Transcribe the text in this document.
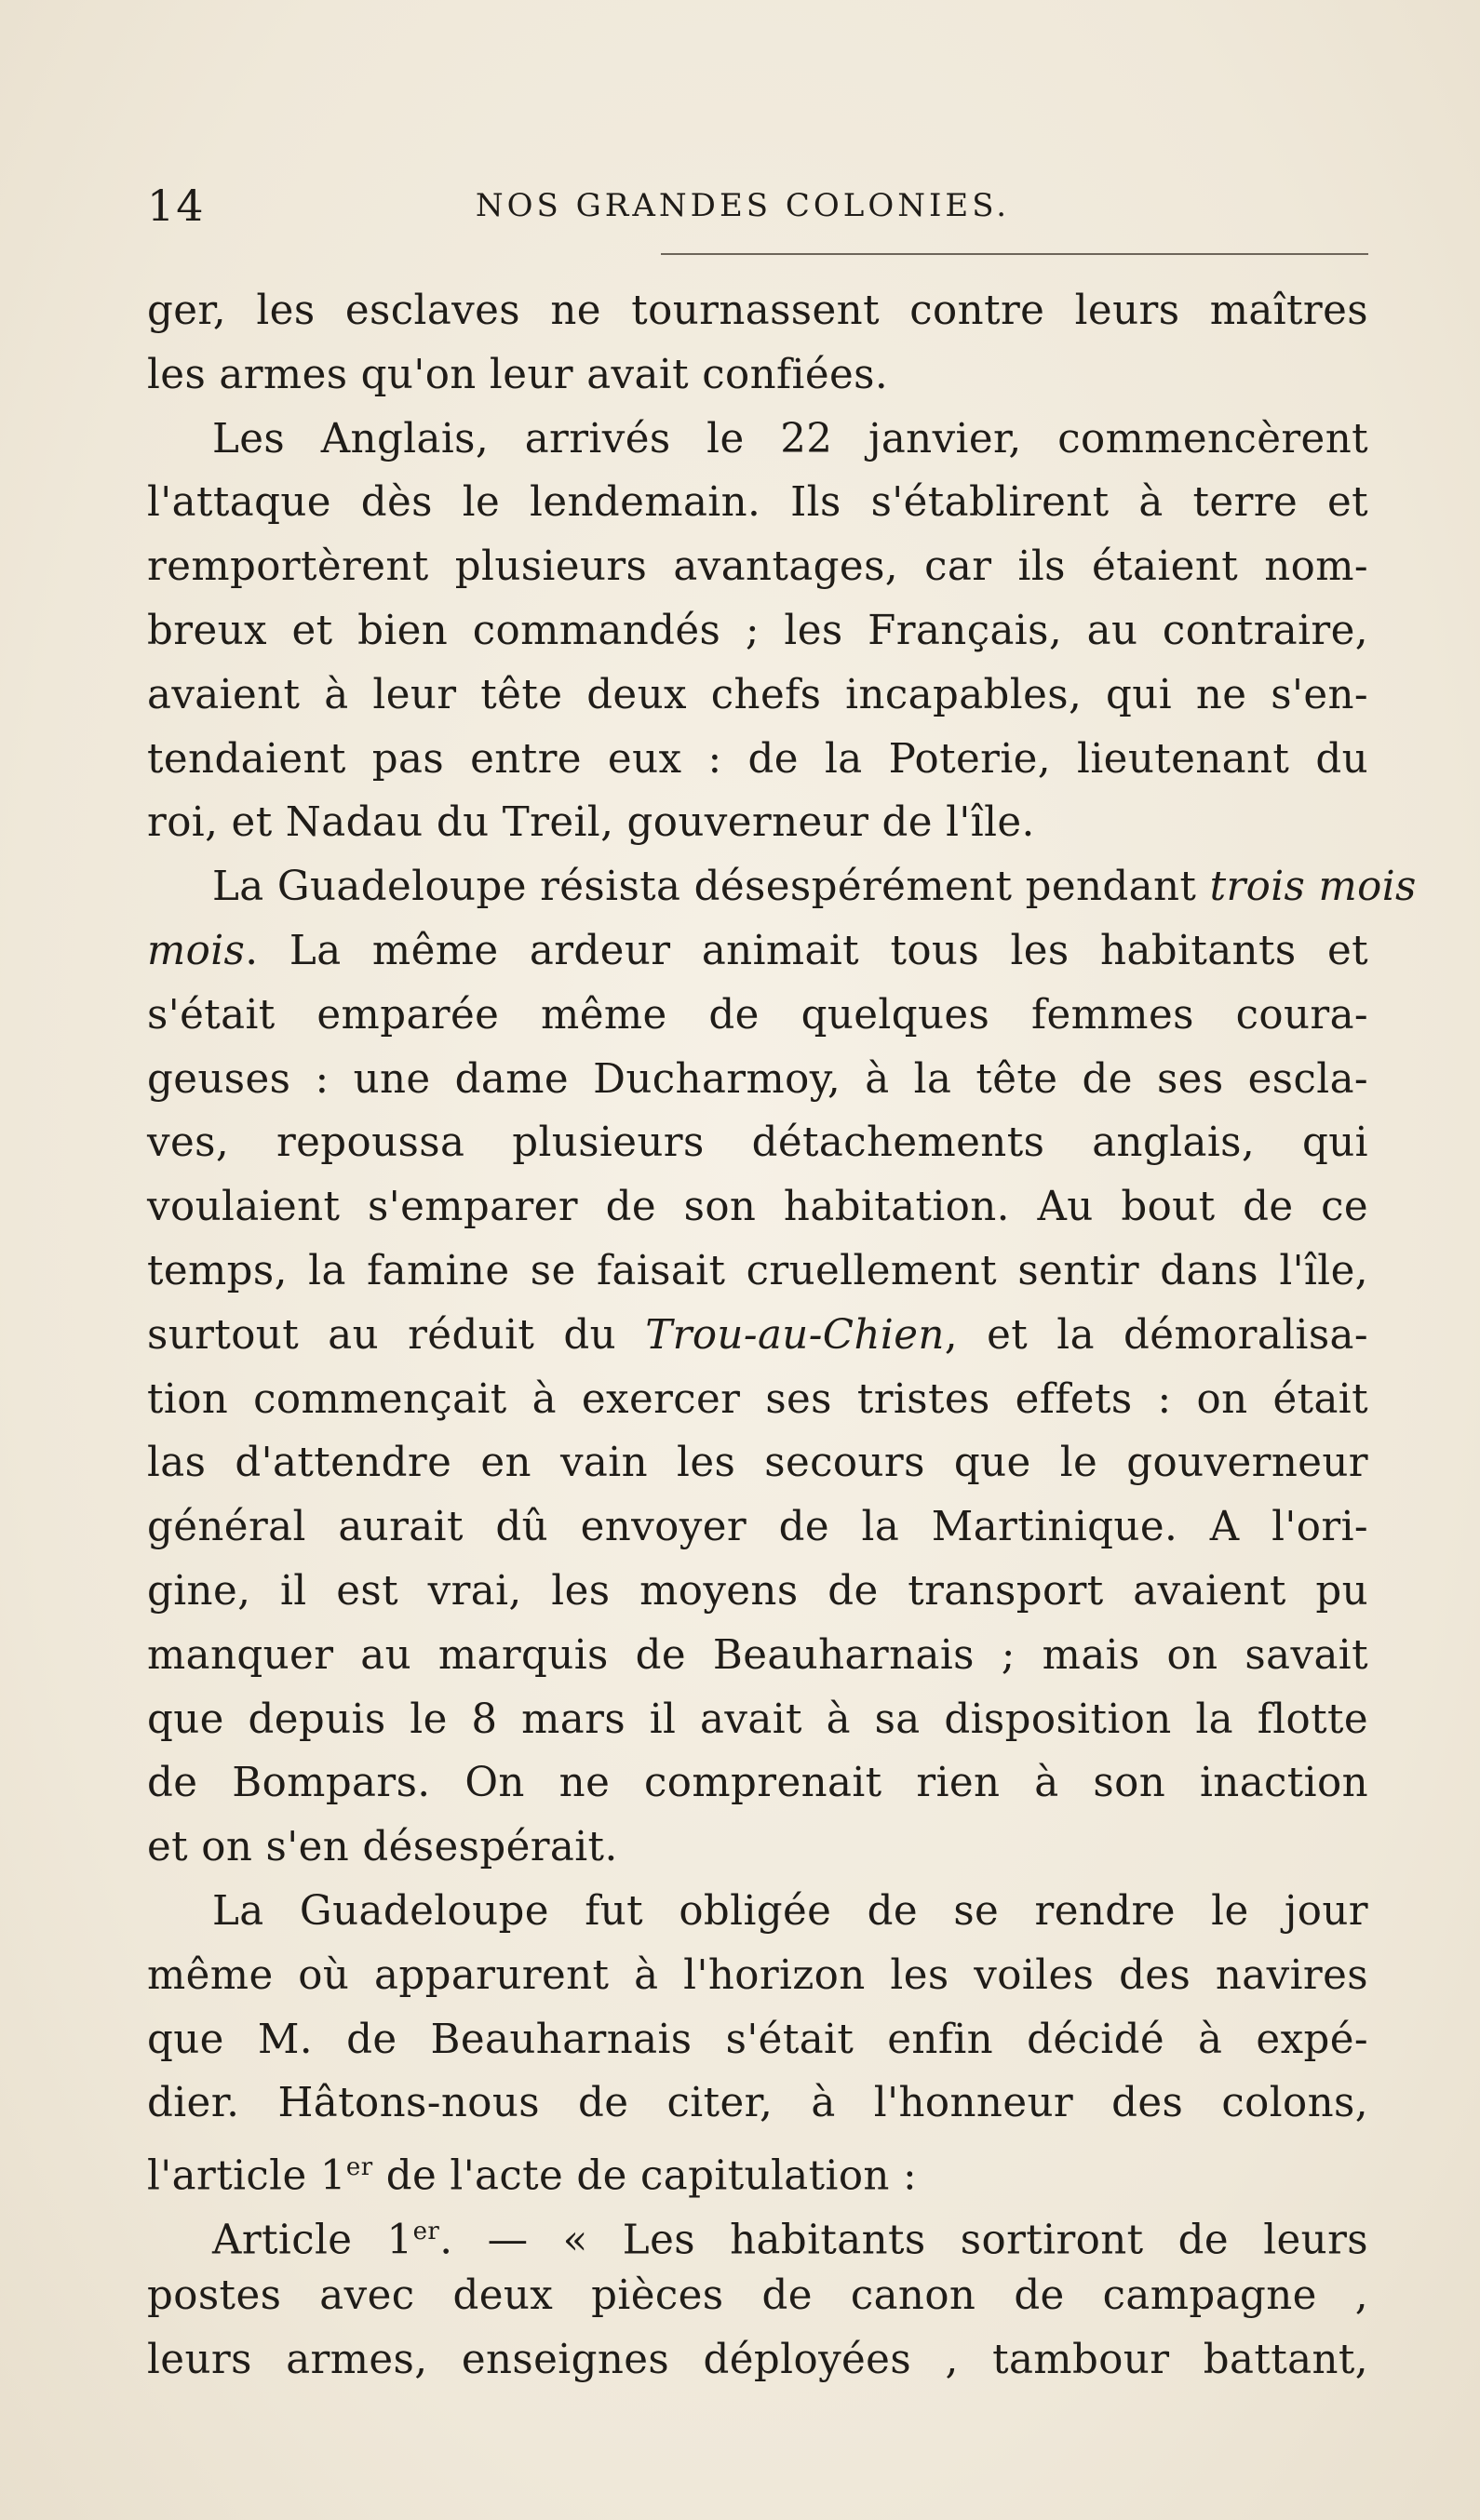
14	NOS GRANDES COLONIES.
ger, les esclaves ne tournassent contre leurs maîtres
les armes qu'on leur avait confiées.
Les Anglais, arrivés le 22 janvier, commencèrent
l'attaque dès le lendemain. Ils s'établirent à terre et
remportèrent plusieurs avantages, car ils étaient nom-
breux et bien commandés ; les Français, au contraire,
avaient à leur tête deux chefs incapables, qui ne s'en-
tendaient pas entre eux : de la Poterie, lieutenant du
roi, et Nadau du Treil, gouverneur de l'île.
La Guadeloupe résista désespérément pendant trois mois
mois. La même ardeur animait tous les habitants et
s'était emparée même de quelques femmes coura-
geuses : une dame Ducharmoy, à la tête de ses escla-
ves, repoussa plusieurs détachements anglais, qui
voulaient s'emparer de son habitation. Au bout de ce
temps, la famine se faisait cruellement sentir dans l'île,
surtout au réduit du Trou-au-Chien, et la démoralisa-
tion commençait à exercer ses tristes effets : on était
las d'attendre en vain les secours que le gouverneur
général aurait dû envoyer de la Martinique. A l'ori-
gine, il est vrai, les moyens de transport avaient pu
manquer au marquis de Beauharnais ; mais on savait
que depuis le 8 mars il avait à sa disposition la flotte
de Bompars. On ne comprenait rien à son inaction
et on s'en désespérait.
La Guadeloupe fut obligée de se rendre le jour
même où apparurent à l'horizon les voiles des navires
que M. de Beauharnais s'était enfin décidé à expé-
dier. Hâtons-nous de citer, à l'honneur des colons,
l'article 1er de l'acte de capitulation :
Article 1er. — « Les habitants sortiront de leurs
postes avec deux pièces de canon de campagne ,
leurs armes, enseignes déployées , tambour battant,
